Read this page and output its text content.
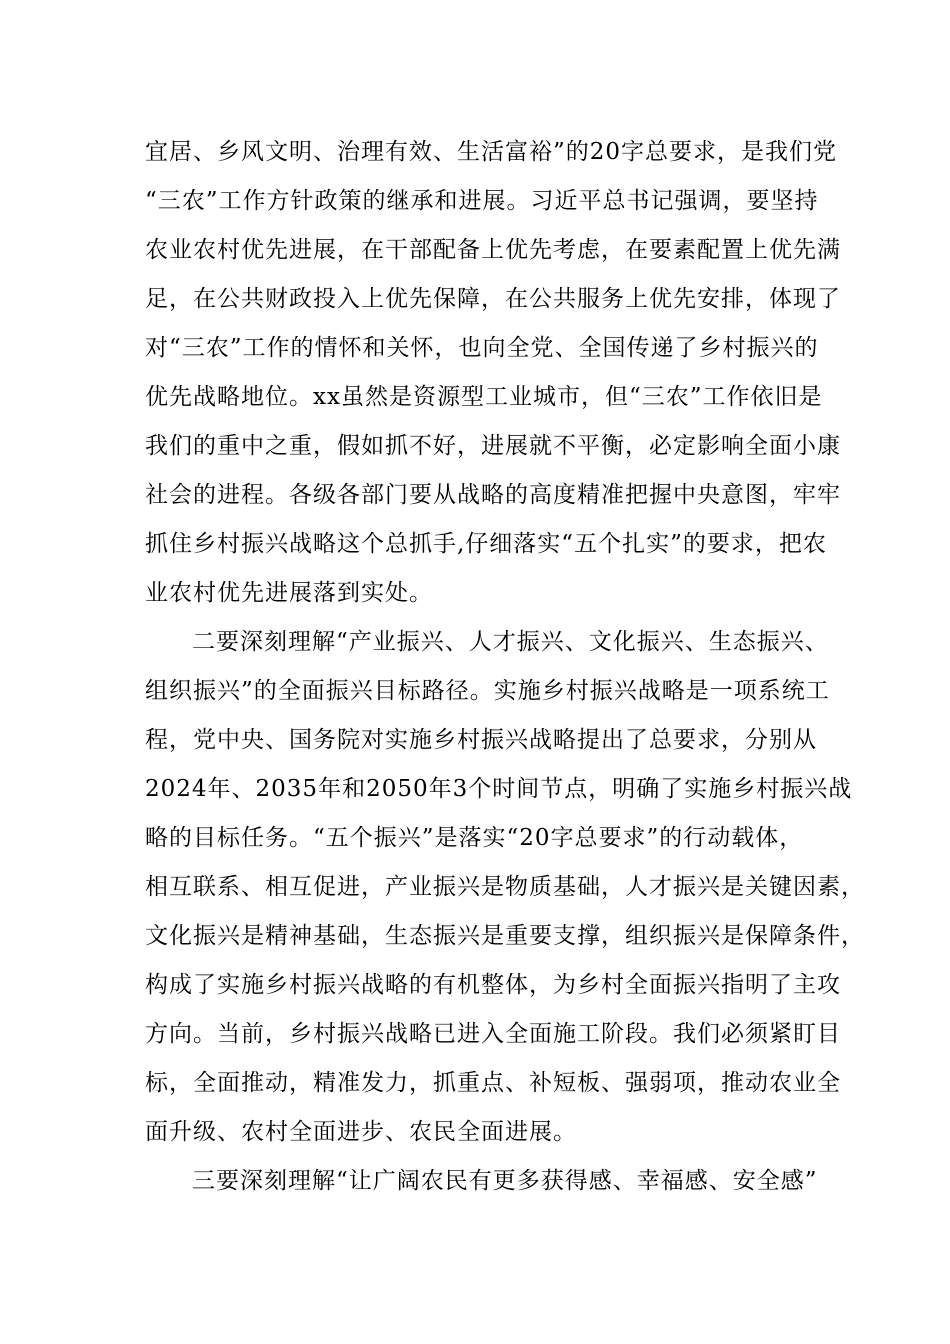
宜居、乡风文明、治理有效、生活富裕”的20字总要求，是我们党
“三农”工作方针政策的继承和进展。习近平总书记强调，要坚持
农业农村优先进展，在干部配备上优先考虑，在要素配置上优先满
足，在公共财政投入上优先保障，在公共服务上优先安排，体现了
对“三农”工作的情怀和关怀，也向全党、全国传递了乡村振兴的
优先战略地位。xx虽然是资源型工业城市，但“三农”工作依旧是
我们的重中之重，假如抓不好，进展就不平衡，必定影响全面小康
社会的进程。各级各部门要从战略的高度精准把握中央意图，牢牢
抓住乡村振兴战略这个总抓手,仔细落实“五个扎实”的要求，把农
业农村优先进展落到实处。
二要深刻理解“产业振兴、人才振兴、文化振兴、生态振兴、
组织振兴”的全面振兴目标路径。实施乡村振兴战略是一项系统工
程，党中央、国务院对实施乡村振兴战略提出了总要求，分别从
2024年、2035年和2050年3个时间节点，明确了实施乡村振兴战
略的目标任务。“五个振兴”是落实“20字总要求”的行动载体，
相互联系、相互促进，产业振兴是物质基础，人才振兴是关键因素，
文化振兴是精神基础，生态振兴是重要支撑，组织振兴是保障条件，
构成了实施乡村振兴战略的有机整体，为乡村全面振兴指明了主攻
方向。当前，乡村振兴战略已进入全面施工阶段。我们必须紧盯目
标，全面推动，精准发力，抓重点、补短板、强弱项，推动农业全
面升级、农村全面进步、农民全面进展。
三要深刻理解“让广阔农民有更多获得感、幸福感、安全感”
